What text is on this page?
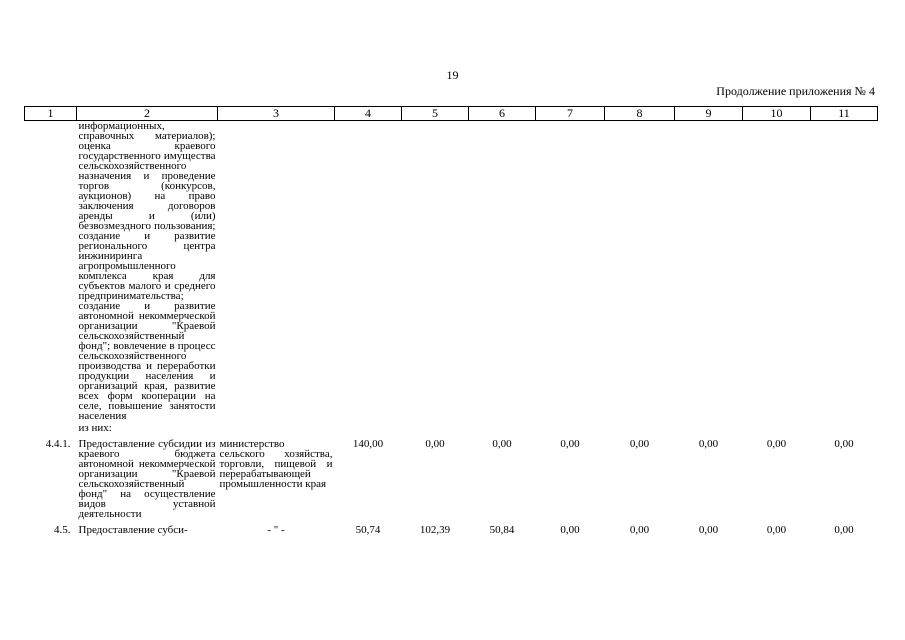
19
Продолжение приложения № 4
1	2	3	4	5	6	7	8	9	10	11
	информационных, справочных материалов); оценка краевого государственного имущества сельскохозяйственного назначения и проведение торгов (конкурсов, аукционов) на право заключения договоров аренды и (или) безвозмездного пользования; создание и развитие регионального центра инжиниринга агропромышленного комплекса края для субъектов малого и среднего предпринимательства; создание и развитие автономной некоммерческой организации "Краевой сельскохозяйственный фонд"; вовлечение в процесс сельскохозяйственного производства и переработки продукции населения и организаций края, развитие всех форм кооперации на селе, повышение занятости населения									
	из них:									
4.4.1.	Предоставление субсидии из краевого бюджета автономной некоммерческой организации "Краевой сельскохозяйственный фонд" на осуществление видов уставной деятельности	министерство сельского хозяйства, торговли, пищевой и перерабатывающей промышленности края	140,00	0,00	0,00	0,00	0,00	0,00	0,00	0,00
4.5.	Предоставление субси-	- " -	50,74	102,39	50,84	0,00	0,00	0,00	0,00	0,00
